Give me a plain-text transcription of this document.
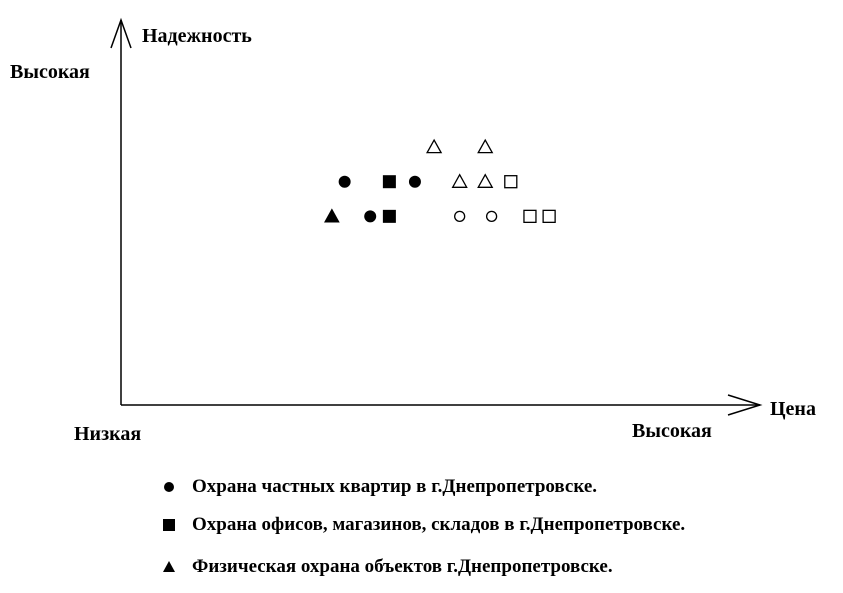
Надежность
Высокая
Цена
Высокая
Низкая
Охрана частных квартир в г.Днепропетровске.
Охрана офисов, магазинов, складов в г.Днепропетровске.
Физическая охрана объектов г.Днепропетровске.
